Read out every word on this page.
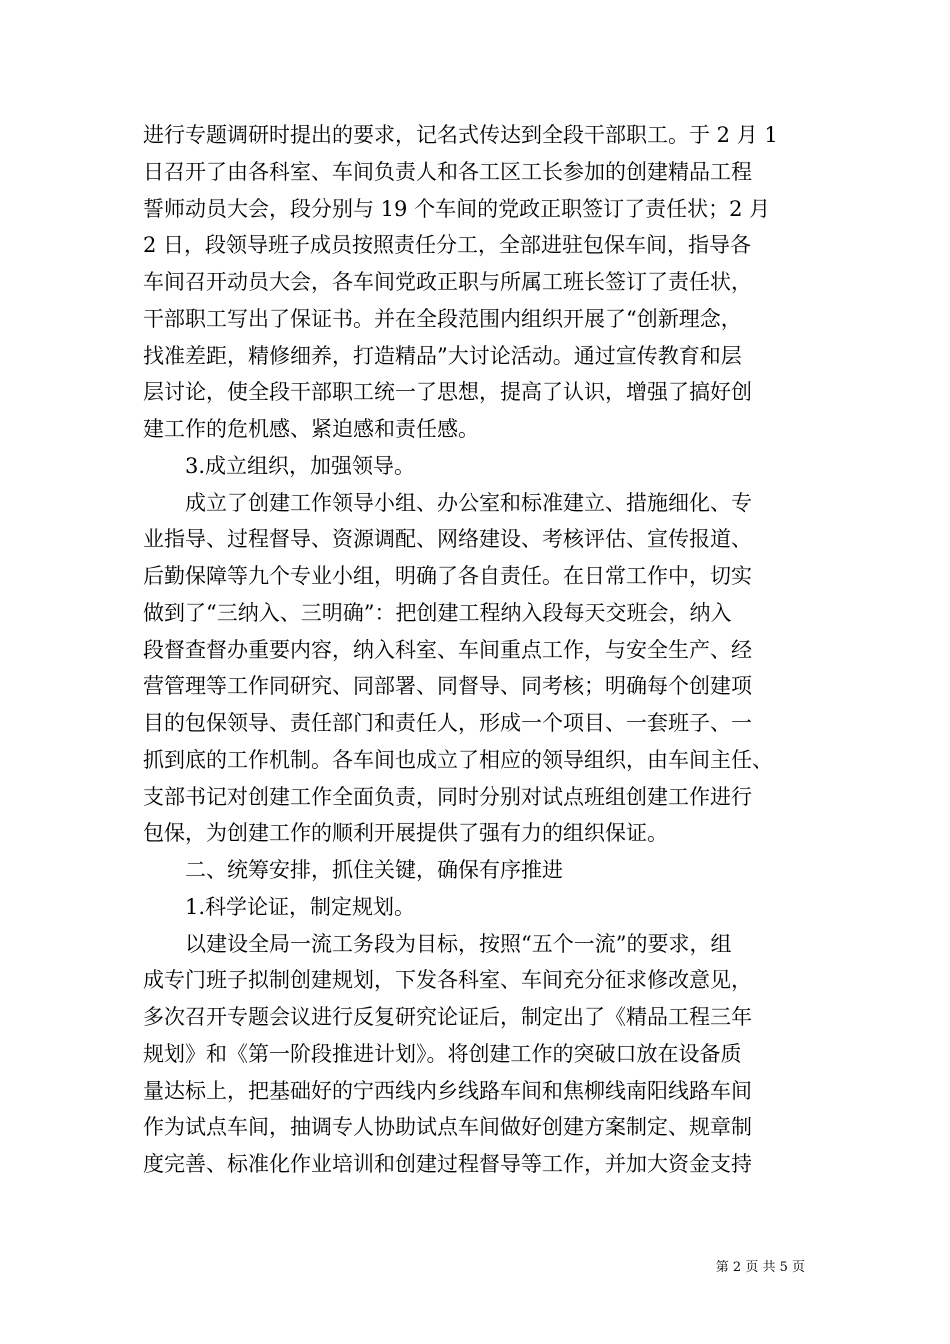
进行专题调研时提出的要求，记名式传达到全段干部职工。于 2 月 1
日召开了由各科室、车间负责人和各工区工长参加的创建精品工程
誓师动员大会，段分别与 19 个车间的党政正职签订了责任状；2 月
2 日，段领导班子成员按照责任分工，全部进驻包保车间，指导各
车间召开动员大会，各车间党政正职与所属工班长签订了责任状，
干部职工写出了保证书。并在全段范围内组织开展了“创新理念，
找准差距，精修细养，打造精品”大讨论活动。通过宣传教育和层
层讨论，使全段干部职工统一了思想，提高了认识，增强了搞好创
建工作的危机感、紧迫感和责任感。
3.成立组织，加强领导。
成立了创建工作领导小组、办公室和标准建立、措施细化、专
业指导、过程督导、资源调配、网络建设、考核评估、宣传报道、
后勤保障等九个专业小组，明确了各自责任。在日常工作中，切实
做到了“三纳入、三明确”：把创建工程纳入段每天交班会，纳入
段督查督办重要内容，纳入科室、车间重点工作，与安全生产、经
营管理等工作同研究、同部署、同督导、同考核；明确每个创建项
目的包保领导、责任部门和责任人，形成一个项目、一套班子、一
抓到底的工作机制。各车间也成立了相应的领导组织，由车间主任、
支部书记对创建工作全面负责，同时分别对试点班组创建工作进行
包保，为创建工作的顺利开展提供了强有力的组织保证。
二、统筹安排，抓住关键，确保有序推进
1.科学论证，制定规划。
以建设全局一流工务段为目标，按照“五个一流”的要求，组
成专门班子拟制创建规划，下发各科室、车间充分征求修改意见，
多次召开专题会议进行反复研究论证后，制定出了《精品工程三年
规划》和《第一阶段推进计划》。将创建工作的突破口放在设备质
量达标上，把基础好的宁西线内乡线路车间和焦柳线南阳线路车间
作为试点车间，抽调专人协助试点车间做好创建方案制定、规章制
度完善、标准化作业培训和创建过程督导等工作，并加大资金支持
第 2 页 共 5 页
